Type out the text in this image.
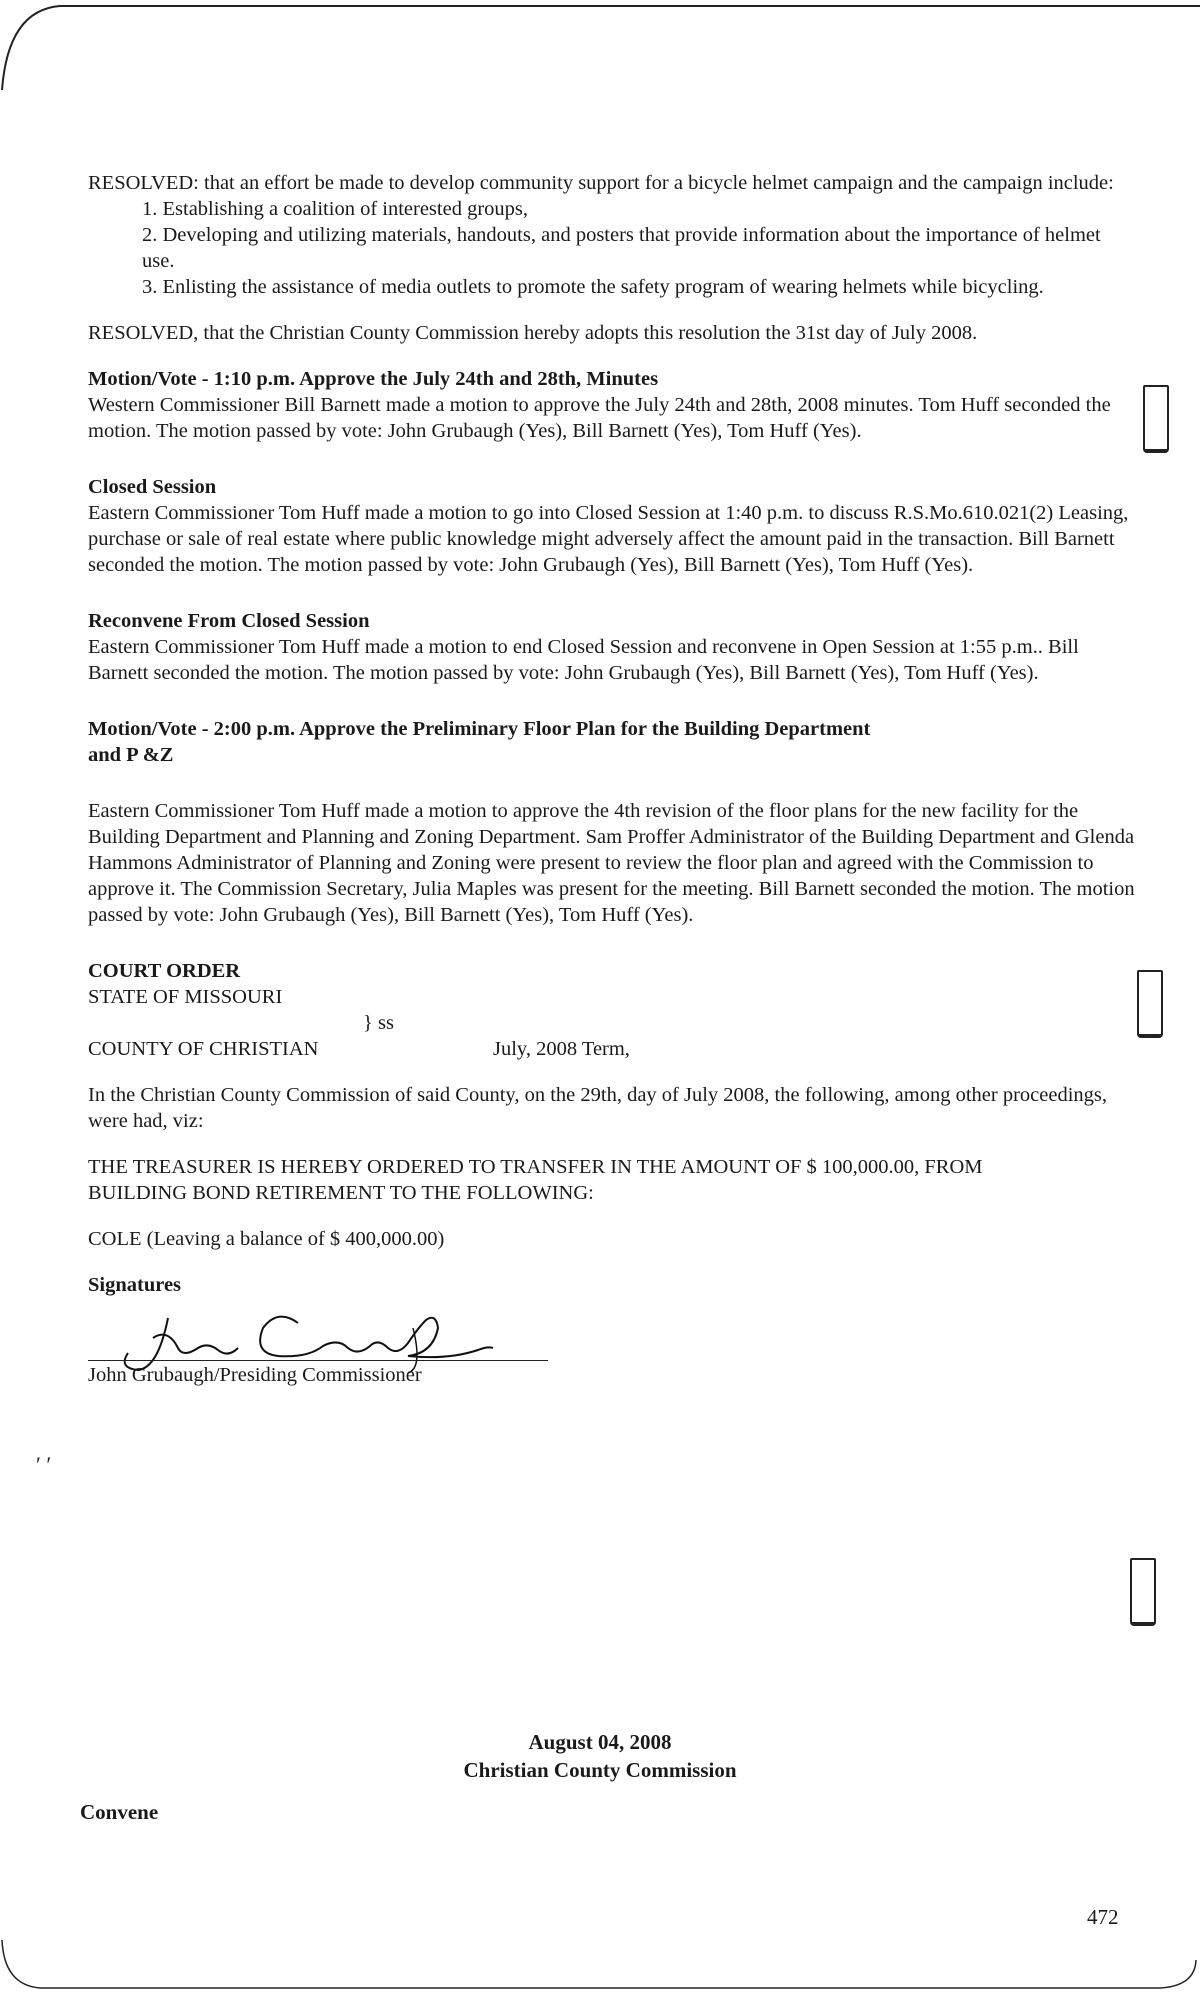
RESOLVED: that an effort be made to develop community support for a bicycle helmet campaign and the campaign include:

1. Establishing a coalition of interested groups,
2. Developing and utilizing materials, handouts, and posters that provide information about the importance of helmet use.
3. Enlisting the assistance of media outlets to promote the safety program of wearing helmets while bicycling.

RESOLVED, that the Christian County Commission hereby adopts this resolution the 31st day of July 2008.

Motion/Vote - 1:10 p.m. Approve the July 24th and 28th, Minutes

Western Commissioner Bill Barnett made a motion to approve the July 24th and 28th, 2008 minutes. Tom Huff seconded the motion. The motion passed by vote: John Grubaugh (Yes), Bill Barnett (Yes), Tom Huff (Yes).

Closed Session

Eastern Commissioner Tom Huff made a motion to go into Closed Session at 1:40 p.m. to discuss R.S.Mo.610.021(2) Leasing, purchase or sale of real estate where public knowledge might adversely affect the amount paid in the transaction. Bill Barnett seconded the motion. The motion passed by vote: John Grubaugh (Yes), Bill Barnett (Yes), Tom Huff (Yes).

Reconvene From Closed Session

Eastern Commissioner Tom Huff made a motion to end Closed Session and reconvene in Open Session at 1:55 p.m.. Bill Barnett seconded the motion. The motion passed by vote: John Grubaugh (Yes), Bill Barnett (Yes), Tom Huff (Yes).

Motion/Vote - 2:00 p.m. Approve the Preliminary Floor Plan for the Building Department and P &Z

Eastern Commissioner Tom Huff made a motion to approve the 4th revision of the floor plans for the new facility for the Building Department and Planning and Zoning Department. Sam Proffer Administrator of the Building Department and Glenda Hammons Administrator of Planning and Zoning were present to review the floor plan and agreed with the Commission to approve it. The Commission Secretary, Julia Maples was present for the meeting. Bill Barnett seconded the motion. The motion passed by vote: John Grubaugh (Yes), Bill Barnett (Yes), Tom Huff (Yes).

COURT ORDER

STATE OF MISSOURI

} ss
COUNTY OF CHRISTIAN	July, 2008 Term,

In the Christian County Commission of said County, on the 29th, day of July 2008, the following, among other proceedings, were had, viz:

THE TREASURER IS HEREBY ORDERED TO TRANSFER IN THE AMOUNT OF $ 100,000.00, FROM BUILDING BOND RETIREMENT TO THE FOLLOWING:

COLE (Leaving a balance of $ 400,000.00)

Signatures

John Grubaugh/Presiding Commissioner
August 04, 2008
Christian County Commission
Convene
472
′ ′
